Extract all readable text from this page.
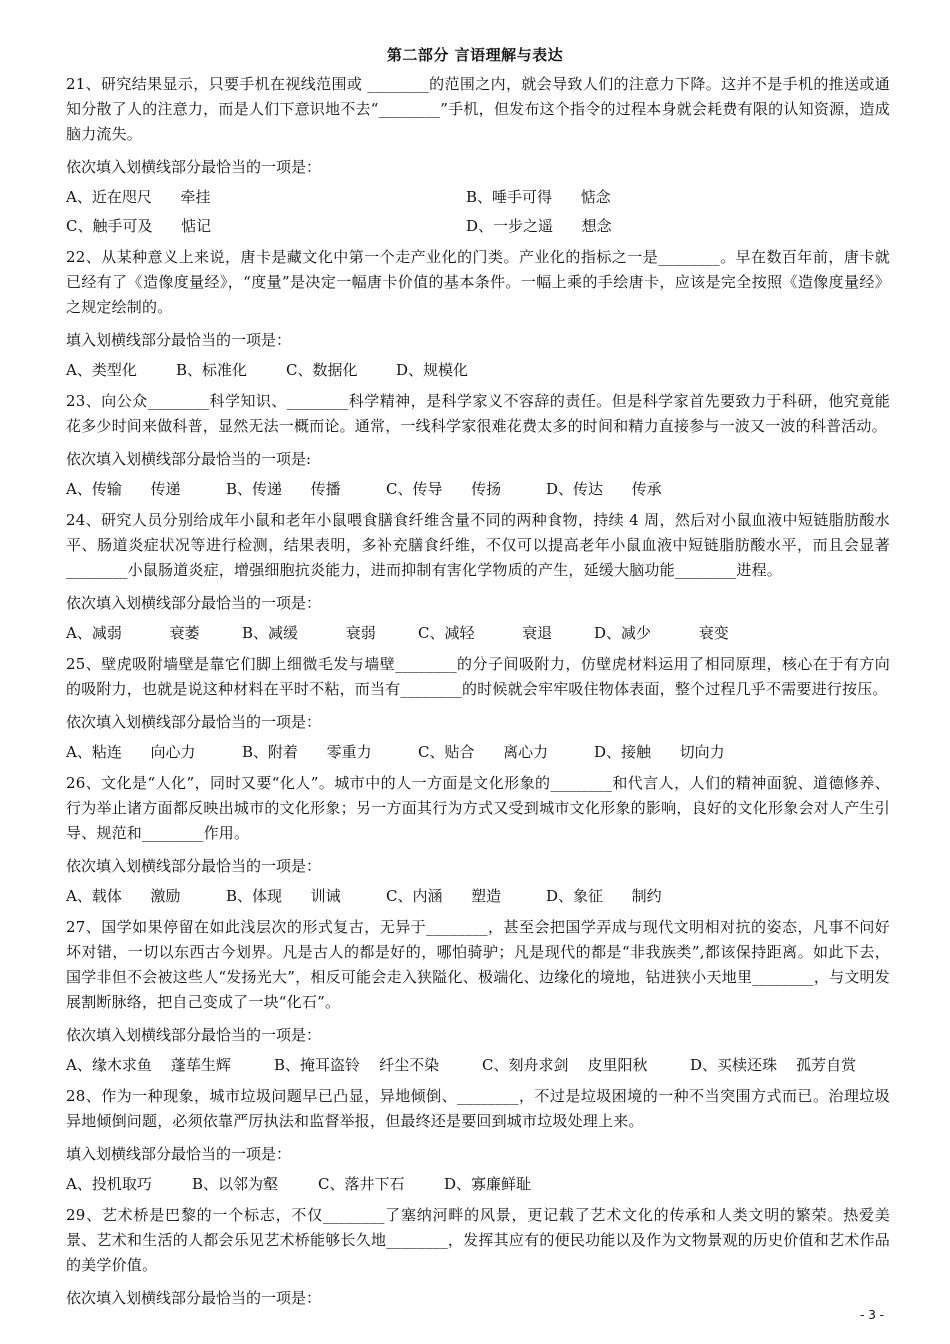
第二部分 言语理解与表达

21、研究结果显示，只要手机在视线范围或 ________的范围之内，就会导致人们的注意力下降。这并不是手机的推送或通知分散了人的注意力，而是人们下意识地不去“________”手机，但发布这个指令的过程本身就会耗费有限的认知资源，造成脑力流失。

依次填入划横线部分最恰当的一项是：

A、近在咫尺      牵挂	B、唾手可得      惦念
C、触手可及      惦记	D、一步之遥      想念

22、从某种意义上来说，唐卡是藏文化中第一个走产业化的门类。产业化的指标之一是________。早在数百年前，唐卡就已经有了《造像度量经》，“度量”是决定一幅唐卡价值的基本条件。一幅上乘的手绘唐卡，应该是完全按照《造像度量经》之规定绘制的。

填入划横线部分最恰当的一项是：

A、类型化	B、标准化	C、数据化	D、规模化

23、向公众________科学知识、________科学精神，是科学家义不容辞的责任。但是科学家首先要致力于科研，他究竟能花多少时间来做科普，显然无法一概而论。通常，一线科学家很难花费太多的时间和精力直接参与一波又一波的科普活动。

依次填入划横线部分最恰当的一项是:

A、传输      传递	B、传递      传播	C、传导      传扬	D、传达      传承

24、研究人员分别给成年小鼠和老年小鼠喂食膳食纤维含量不同的两种食物，持续 4 周，然后对小鼠血液中短链脂肪酸水平、肠道炎症状况等进行检测，结果表明，多补充膳食纤维，不仅可以提高老年小鼠血液中短链脂肪酸水平，而且会显著________小鼠肠道炎症，增强细胞抗炎能力，进而抑制有害化学物质的产生，延缓大脑功能________进程。

依次填入划横线部分最恰当的一项是：

A、减弱          衰萎	B、减缓          衰弱	C、减轻          衰退	D、减少          衰变

25、壁虎吸附墙壁是靠它们脚上细微毛发与墙壁________的分子间吸附力，仿壁虎材料运用了相同原理，核心在于有方向的吸附力，也就是说这种材料在平时不粘，而当有________的时候就会牢牢吸住物体表面，整个过程几乎不需要进行按压。

依次填入划横线部分最恰当的一项是：

A、粘连      向心力	B、附着      零重力	C、贴合      离心力	D、接触      切向力

26、文化是“人化”，同时又要“化人”。城市中的人一方面是文化形象的________和代言人，人们的精神面貌、道德修养、行为举止诸方面都反映出城市的文化形象；另一方面其行为方式又受到城市文化形象的影响，良好的文化形象会对人产生引导、规范和________作用。

依次填入划横线部分最恰当的一项是：

A、载体      激励	B、体现      训诫	C、内涵      塑造	D、象征      制约

27、国学如果停留在如此浅层次的形式复古，无异于________，甚至会把国学弄成与现代文明相对抗的姿态，凡事不问好坏对错，一切以东西古今划界。凡是古人的都是好的，哪怕骑驴；凡是现代的都是“非我族类”,都该保持距离。如此下去，国学非但不会被这些人“发扬光大”，相反可能会走入狭隘化、极端化、边缘化的境地，钻进狭小天地里________，与文明发展割断脉络，把自己变成了一块“化石”。

依次填入划横线部分最恰当的一项是：

A、缘木求鱼    蓬荜生辉	B、掩耳盗铃    纤尘不染	C、刻舟求剑    皮里阳秋	D、买椟还珠    孤芳自赏

28、作为一种现象，城市垃圾问题早已凸显，异地倾倒、________，不过是垃圾困境的一种不当突围方式而已。治理垃圾异地倾倒问题，必须依靠严厉执法和监督举报，但最终还是要回到城市垃圾处理上来。

填入划横线部分最恰当的一项是：

A、投机取巧	B、以邻为壑	C、落井下石	D、寡廉鲜耻

29、艺术桥是巴黎的一个标志，不仅________了塞纳河畔的风景，更记载了艺术文化的传承和人类文明的繁荣。热爱美景、艺术和生活的人都会乐见艺术桥能够长久地________，发挥其应有的便民功能以及作为文物景观的历史价值和艺术作品的美学价值。

依次填入划横线部分最恰当的一项是：

- 3 -
